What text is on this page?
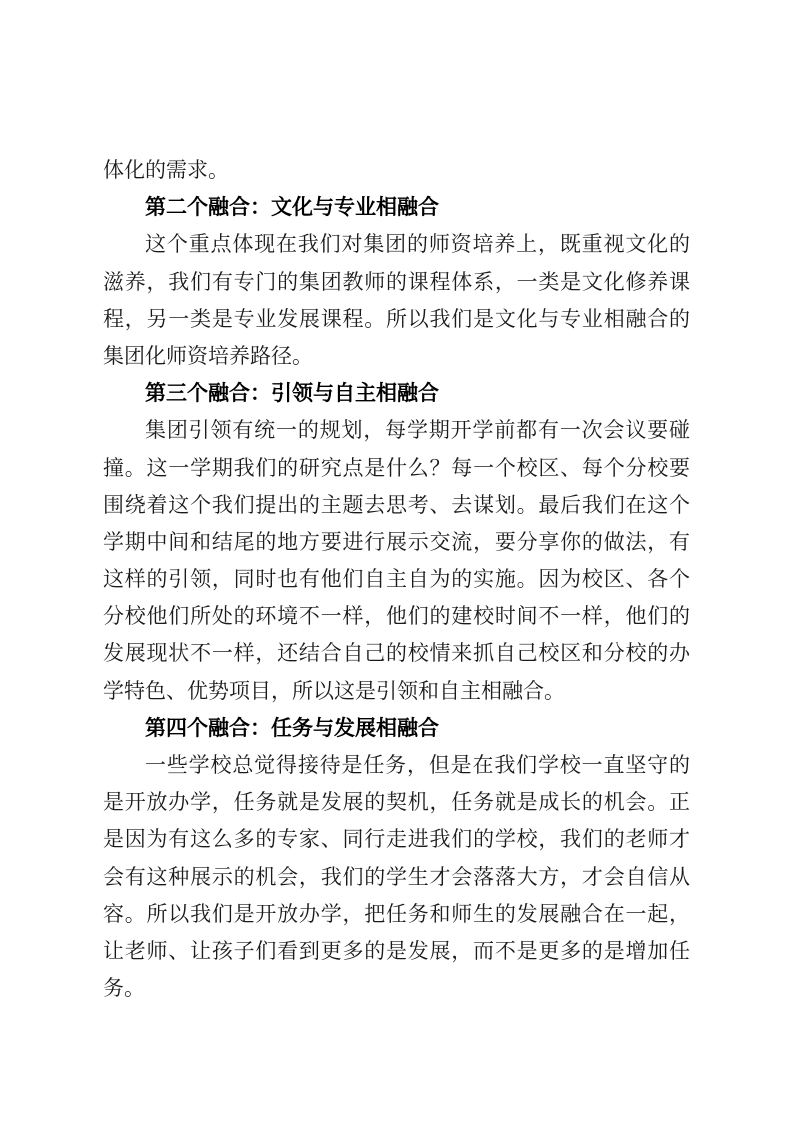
体化的需求。
第二个融合：文化与专业相融合
这个重点体现在我们对集团的师资培养上，既重视文化的
滋养，我们有专门的集团教师的课程体系，一类是文化修养课
程，另一类是专业发展课程。所以我们是文化与专业相融合的
集团化师资培养路径。
第三个融合：引领与自主相融合
集团引领有统一的规划，每学期开学前都有一次会议要碰
撞。这一学期我们的研究点是什么？每一个校区、每个分校要
围绕着这个我们提出的主题去思考、去谋划。最后我们在这个
学期中间和结尾的地方要进行展示交流，要分享你的做法，有
这样的引领，同时也有他们自主自为的实施。因为校区、各个
分校他们所处的环境不一样，他们的建校时间不一样，他们的
发展现状不一样，还结合自己的校情来抓自己校区和分校的办
学特色、优势项目，所以这是引领和自主相融合。
第四个融合：任务与发展相融合
一些学校总觉得接待是任务，但是在我们学校一直坚守的
是开放办学，任务就是发展的契机，任务就是成长的机会。正
是因为有这么多的专家、同行走进我们的学校，我们的老师才
会有这种展示的机会，我们的学生才会落落大方，才会自信从
容。所以我们是开放办学，把任务和师生的发展融合在一起，
让老师、让孩子们看到更多的是发展，而不是更多的是增加任
务。
